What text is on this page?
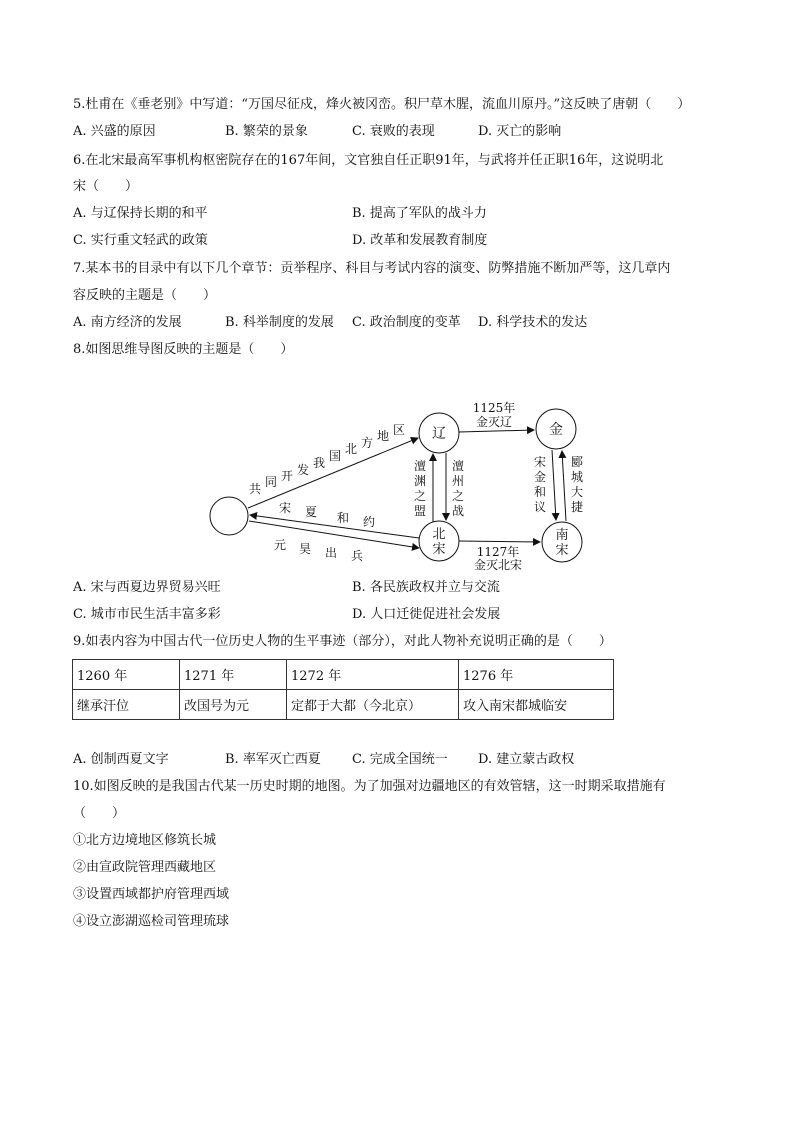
5.杜甫在《垂老别》中写道：“万国尽征戍，烽火被冈峦。积尸草木腥，流血川原丹。”这反映了唐朝（　　）
A. 兴盛的原因	B. 繁荣的景象	C. 衰败的表现	D. 灭亡的影响
6.在北宋最高军事机构枢密院存在的167年间，文官独自任正职91年，与武将并任正职16年，这说明北
宋（　　）
A. 与辽保持长期的和平	B. 提高了军队的战斗力
C. 实行重文轻武的政策	D. 改革和发展教育制度
7.某本书的目录中有以下几个章节：贡举程序、科目与考试内容的演变、防弊措施不断加严等，这几章内
容反映的主题是（　　）
A. 南方经济的发展	B. 科举制度的发展 C. 政治制度的变革 D. 科学技术的发达
8.如图思维导图反映的主题是（　　）
辽	金
北
宋
南
宋
1125年
金灭辽
1127年
金灭北宋
澶
渊
之
盟
澶
州
之
战
宋
金
和
议
郾
城
大
捷
共 同 开 发 我 国 北 方 地 区
宋 夏 和 约
元 昊 出 兵
A. 宋与西夏边界贸易兴旺	B. 各民族政权并立与交流
C. 城市市民生活丰富多彩	D. 人口迁徙促进社会发展
9.如表内容为中国古代一位历史人物的生平事迹（部分），对此人物补充说明正确的是（　　）
1260 年	1271 年	1272 年	1276 年
继承汗位	改国号为元	定都于大都（今北京）	攻入南宋都城临安
A. 创制西夏文字	B. 率军灭亡西夏 C. 完成全国统一 D. 建立蒙古政权
10.如图反映的是我国古代某一历史时期的地图。为了加强对边疆地区的有效管辖，这一时期采取措施有
（　　）
①北方边境地区修筑长城
②由宣政院管理西藏地区
③设置西域都护府管理西域
④设立澎湖巡检司管理琉球
